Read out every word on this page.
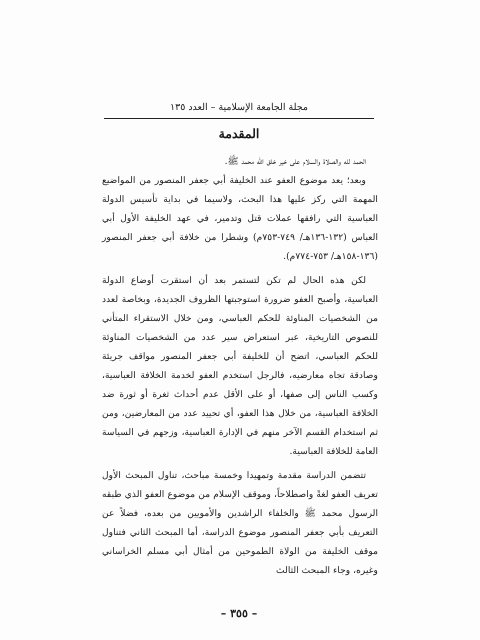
مجلة الجامعة الإسلامية – العدد ١٣٥
المقدمة

الحمد لله والصلاة والسلام على خير خلق الله محمد ﷺ.

وبعد؛ يعد موضوع العفو عند الخليفة أبي جعفر المنصور من المواضيع المهمة التي ركز عليها هذا البحث، ولاسيما في بداية تأسيس الدولة العباسية التي رافقها عملات قتل وتدمير، في عهد الخليفة الأول أبي العباس (١٣٢-١٣٦هـ/ ٧٤٩-٧٥٣م) وشطرا من خلافة أبي جعفر المنصور (١٣٦-١٥٨هـ/ ٧٥٣-٧٧٤م).

لكن هذه الحال لم تكن لتستمر بعد أن استقرت أوضاع الدولة العباسية، وأصبح العفو ضرورة استوجبتها الظروف الجديدة، وبخاصة لعدد من الشخصيات المناوئة للحكم العباسي، ومن خلال الاستقراء المتأني للنصوص التاريخية، عبر استعراض سير عدد من الشخصيات المناوئة للحكم العباسي، اتضح أن للخليفة أبي جعفر المنصور مواقف جريئة وصادقة تجاه معارضيه، فالرجل استخدم العفو لخدمة الخلافة العباسية، وكسب الناس إلى صفها، أو على الأقل عدم أحداث ثغرة أو ثورة ضد الخلافة العباسية، من خلال هذا العفو، أي تحييد عدد من المعارضين، ومن ثم استخدام القسم الآخر منهم في الإدارة العباسية، وزجهم في السياسة العامة للخلافة العباسية.

تتضمن الدراسة مقدمة وتمهيدا وخمسة مباحث، تناول المبحث الأول تعريف العفو لغةً واصطلاحاً، وموقف الإسلام من موضوع العفو الذي طبقه الرسول محمد ﷺ والخلفاء الراشدين والأمويين من بعده، فضلاً عن التعريف بأبي جعفر المنصور موضوع الدراسة، أما المبحث الثاني فتناول موقف الخليفة من الولاة الطموحين من أمثال أبي مسلم الخراساني وغيره، وجاء المبحث الثالث

– ٣٥٥ –
